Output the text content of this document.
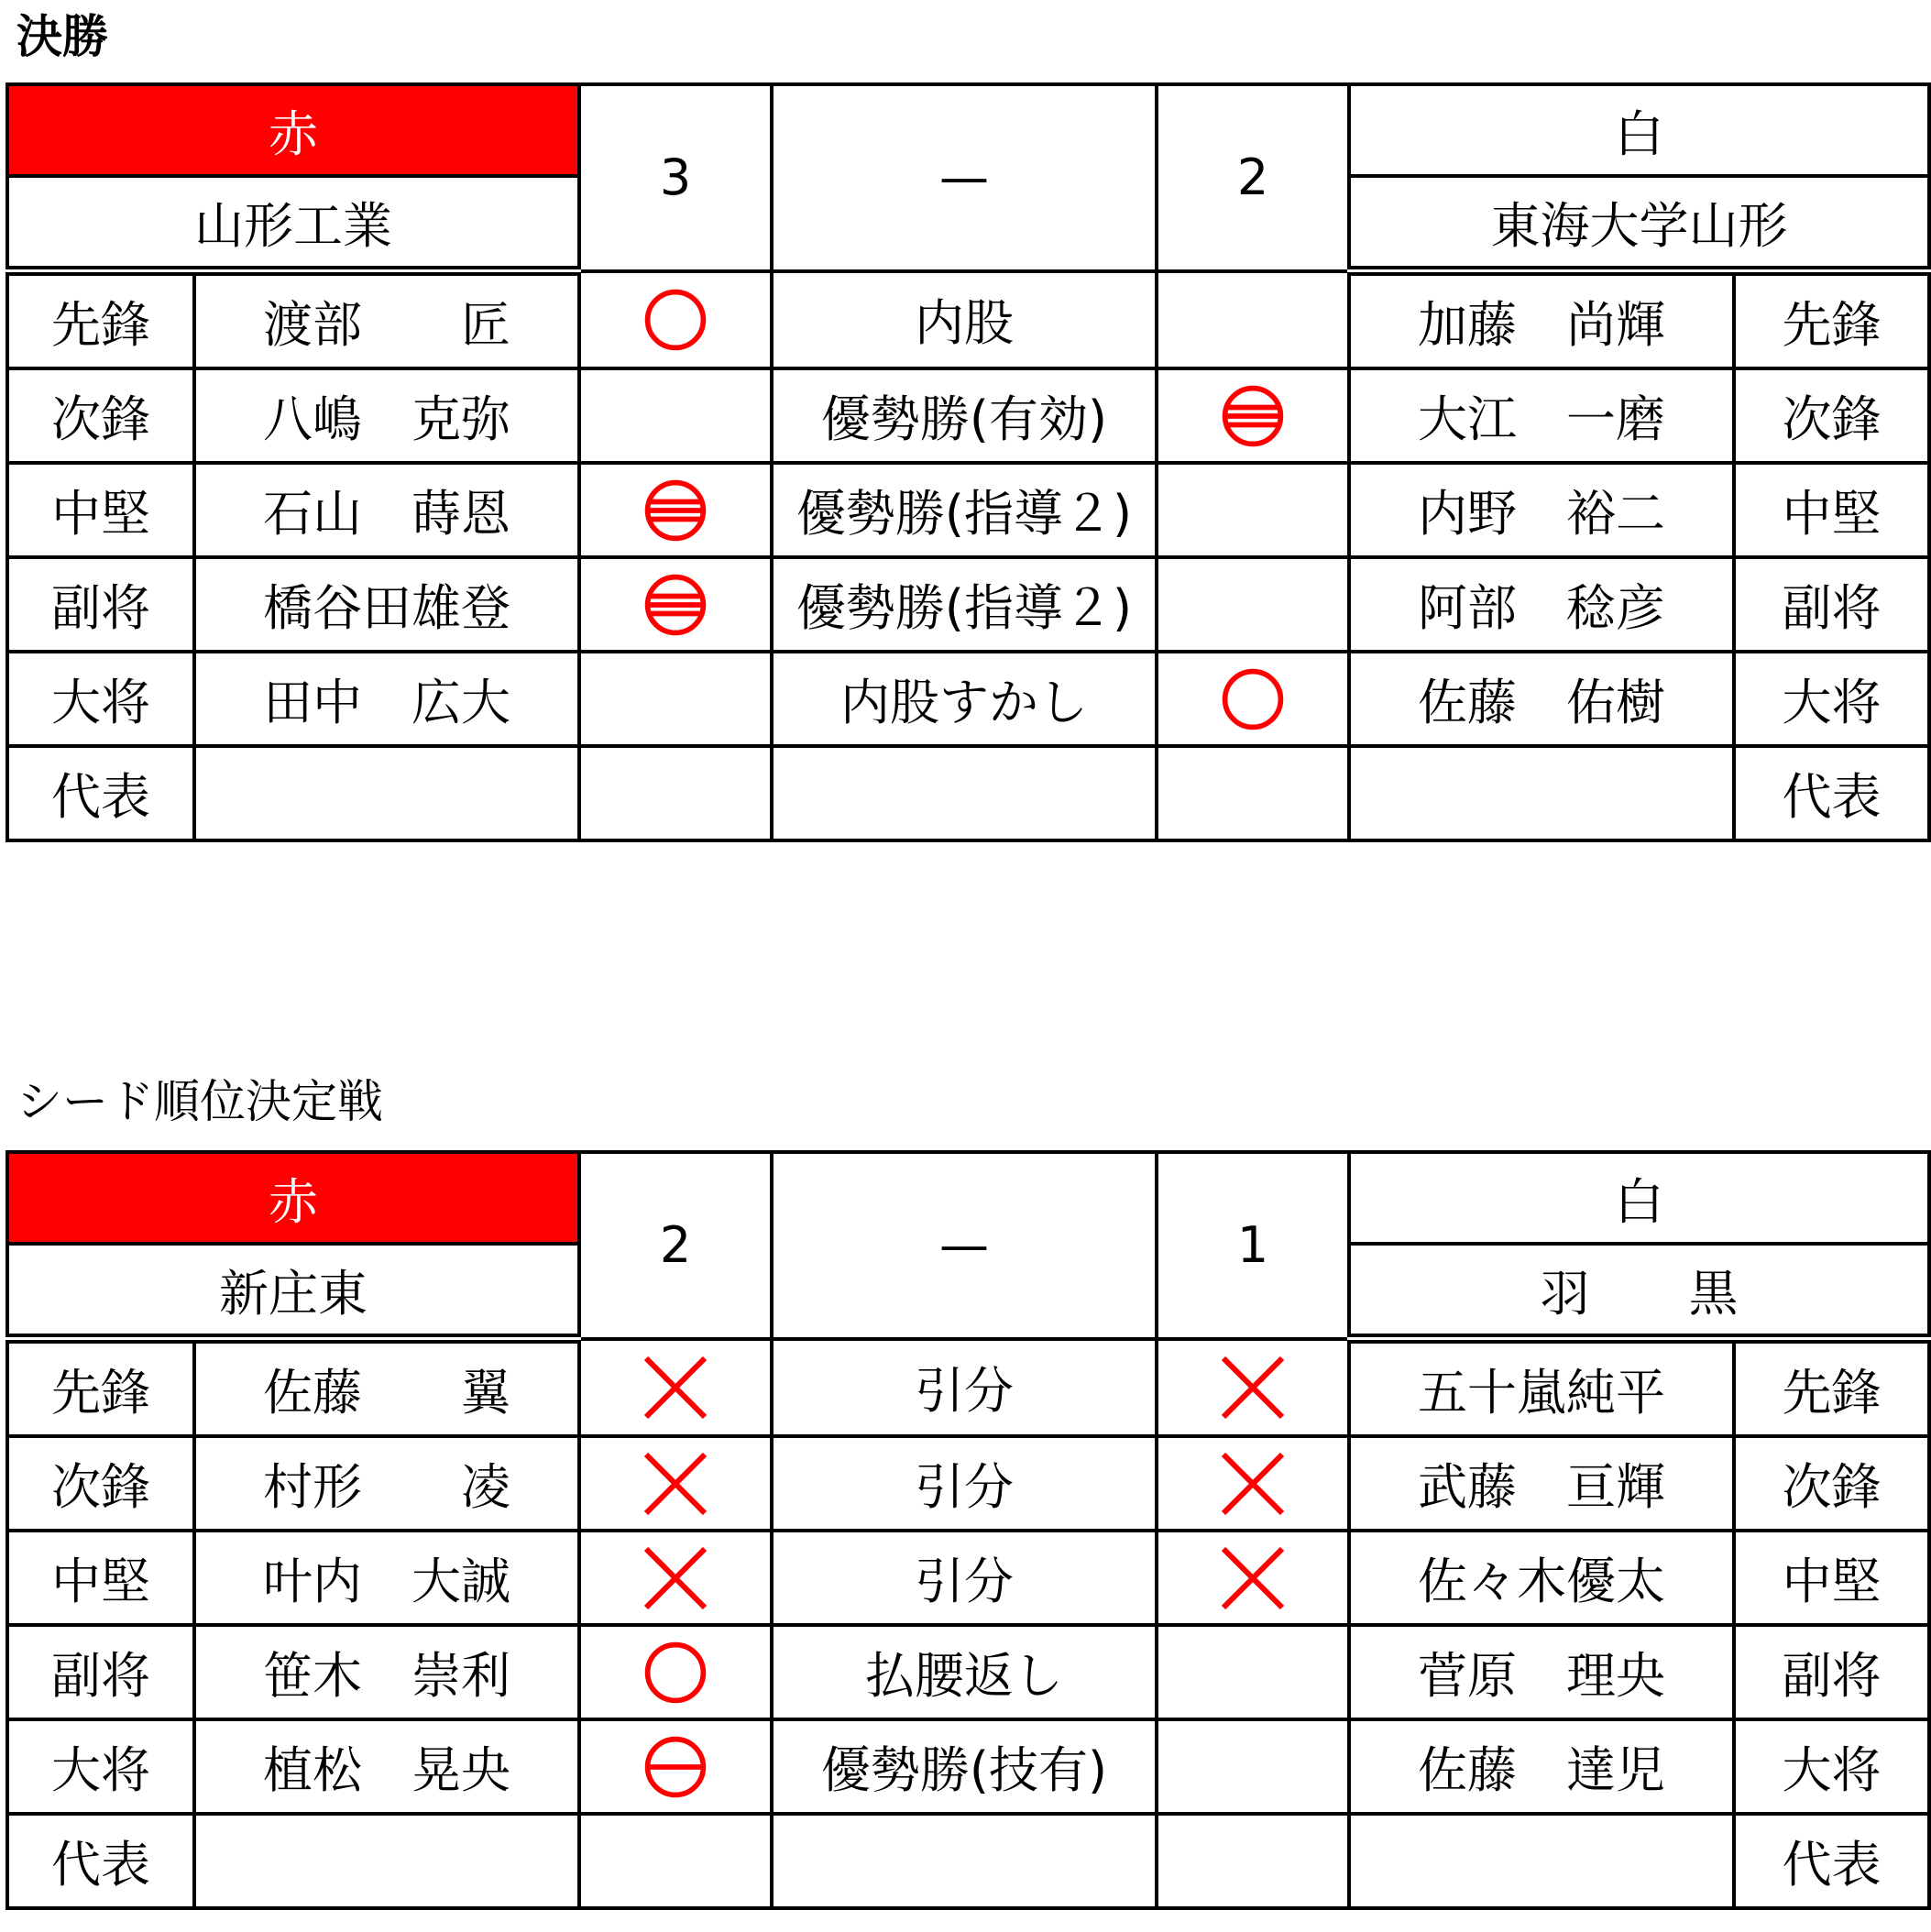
決勝
シード順位決定戦
赤		3	—	2	白	
山形工業					東海大学山形	
先鋒	渡部　　匠		内股		加藤　尚輝	先鋒
次鋒	八嶋　克弥		優勢勝(有効)		大江　一磨	次鋒
中堅	石山　蒔恩		優勢勝(指導２)		内野　裕二	中堅
副将	橋谷田雄登		優勢勝(指導２)		阿部　稔彦	副将
大将	田中　広大		内股すかし		佐藤　佑樹	大将
代表						代表
赤		2	—	1	白	
新庄東					羽　　黒	
先鋒	佐藤　　翼		引分		五十嵐純平	先鋒
次鋒	村形　　凌		引分		武藤　亘輝	次鋒
中堅	叶内　大誠		引分		佐々木優太	中堅
副将	笹木　崇利		払腰返し		菅原　理央	副将
大将	植松　晃央		優勢勝(技有)		佐藤　達児	大将
代表						代表
